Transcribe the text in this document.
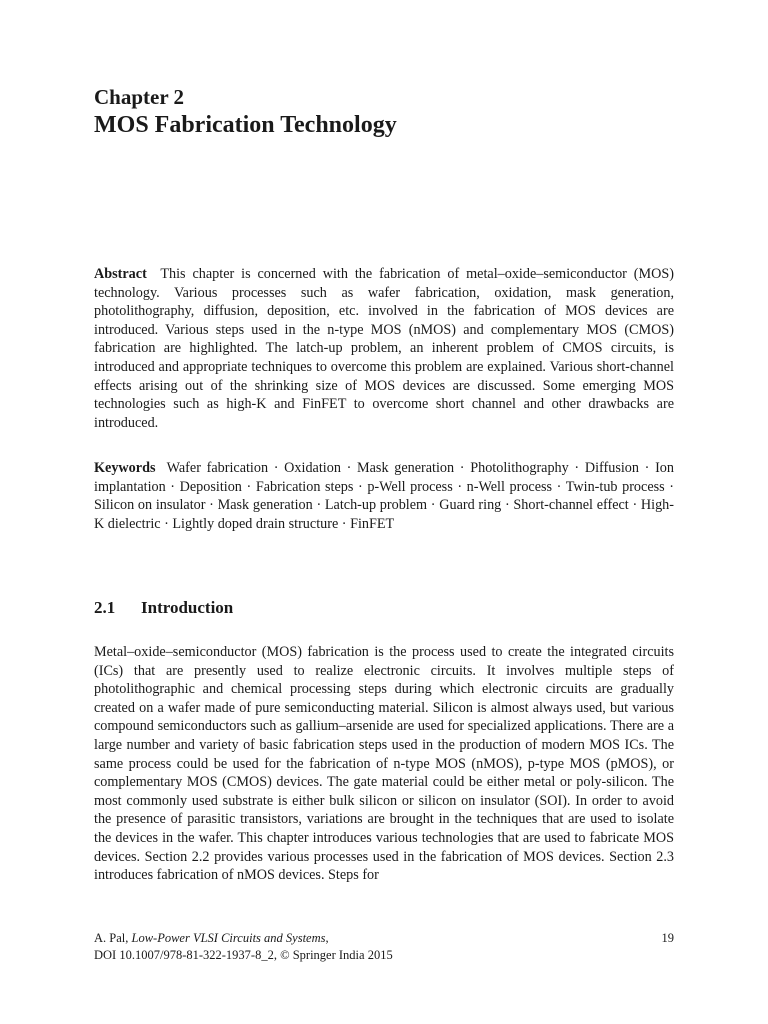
Chapter 2
MOS Fabrication Technology

Abstract This chapter is concerned with the fabrication of metal–oxide–semiconductor (MOS) technology. Various processes such as wafer fabrication, oxidation, mask generation, photolithography, diffusion, deposition, etc. involved in the fabrication of MOS devices are introduced. Various steps used in the n-type MOS (nMOS) and complementary MOS (CMOS) fabrication are highlighted. The latch-up problem, an inherent problem of CMOS circuits, is introduced and appropriate techniques to overcome this problem are explained. Various short-channel effects arising out of the shrinking size of MOS devices are discussed. Some emerging MOS technologies such as high-K and FinFET to overcome short channel and other drawbacks are introduced.

Keywords Wafer fabrication · Oxidation · Mask generation · Photolithography · Diffusion · Ion implantation · Deposition · Fabrication steps · p-Well process · n-Well process · Twin-tub process · Silicon on insulator · Mask generation · Latch-up problem · Guard ring · Short-channel effect · High-K dielectric · Lightly doped drain structure · FinFET

2.1 Introduction

Metal–oxide–semiconductor (MOS) fabrication is the process used to create the integrated circuits (ICs) that are presently used to realize electronic circuits. It involves multiple steps of photolithographic and chemical processing steps during which electronic circuits are gradually created on a wafer made of pure semiconducting material. Silicon is almost always used, but various compound semiconductors such as gallium–arsenide are used for specialized applications. There are a large number and variety of basic fabrication steps used in the production of modern MOS ICs. The same process could be used for the fabrication of n-type MOS (nMOS), p-type MOS (pMOS), or complementary MOS (CMOS) devices. The gate material could be either metal or poly-silicon. The most commonly used substrate is either bulk silicon or silicon on insulator (SOI). In order to avoid the presence of parasitic transistors, variations are brought in the techniques that are used to isolate the devices in the wafer. This chapter introduces various technologies that are used to fabricate MOS devices. Section 2.2 provides various processes used in the fabrication of MOS devices. Section 2.3 introduces fabrication of nMOS devices. Steps for

A. Pal, Low-Power VLSI Circuits and Systems,	19
DOI 10.1007/978-81-322-1937-8_2, © Springer India 2015
